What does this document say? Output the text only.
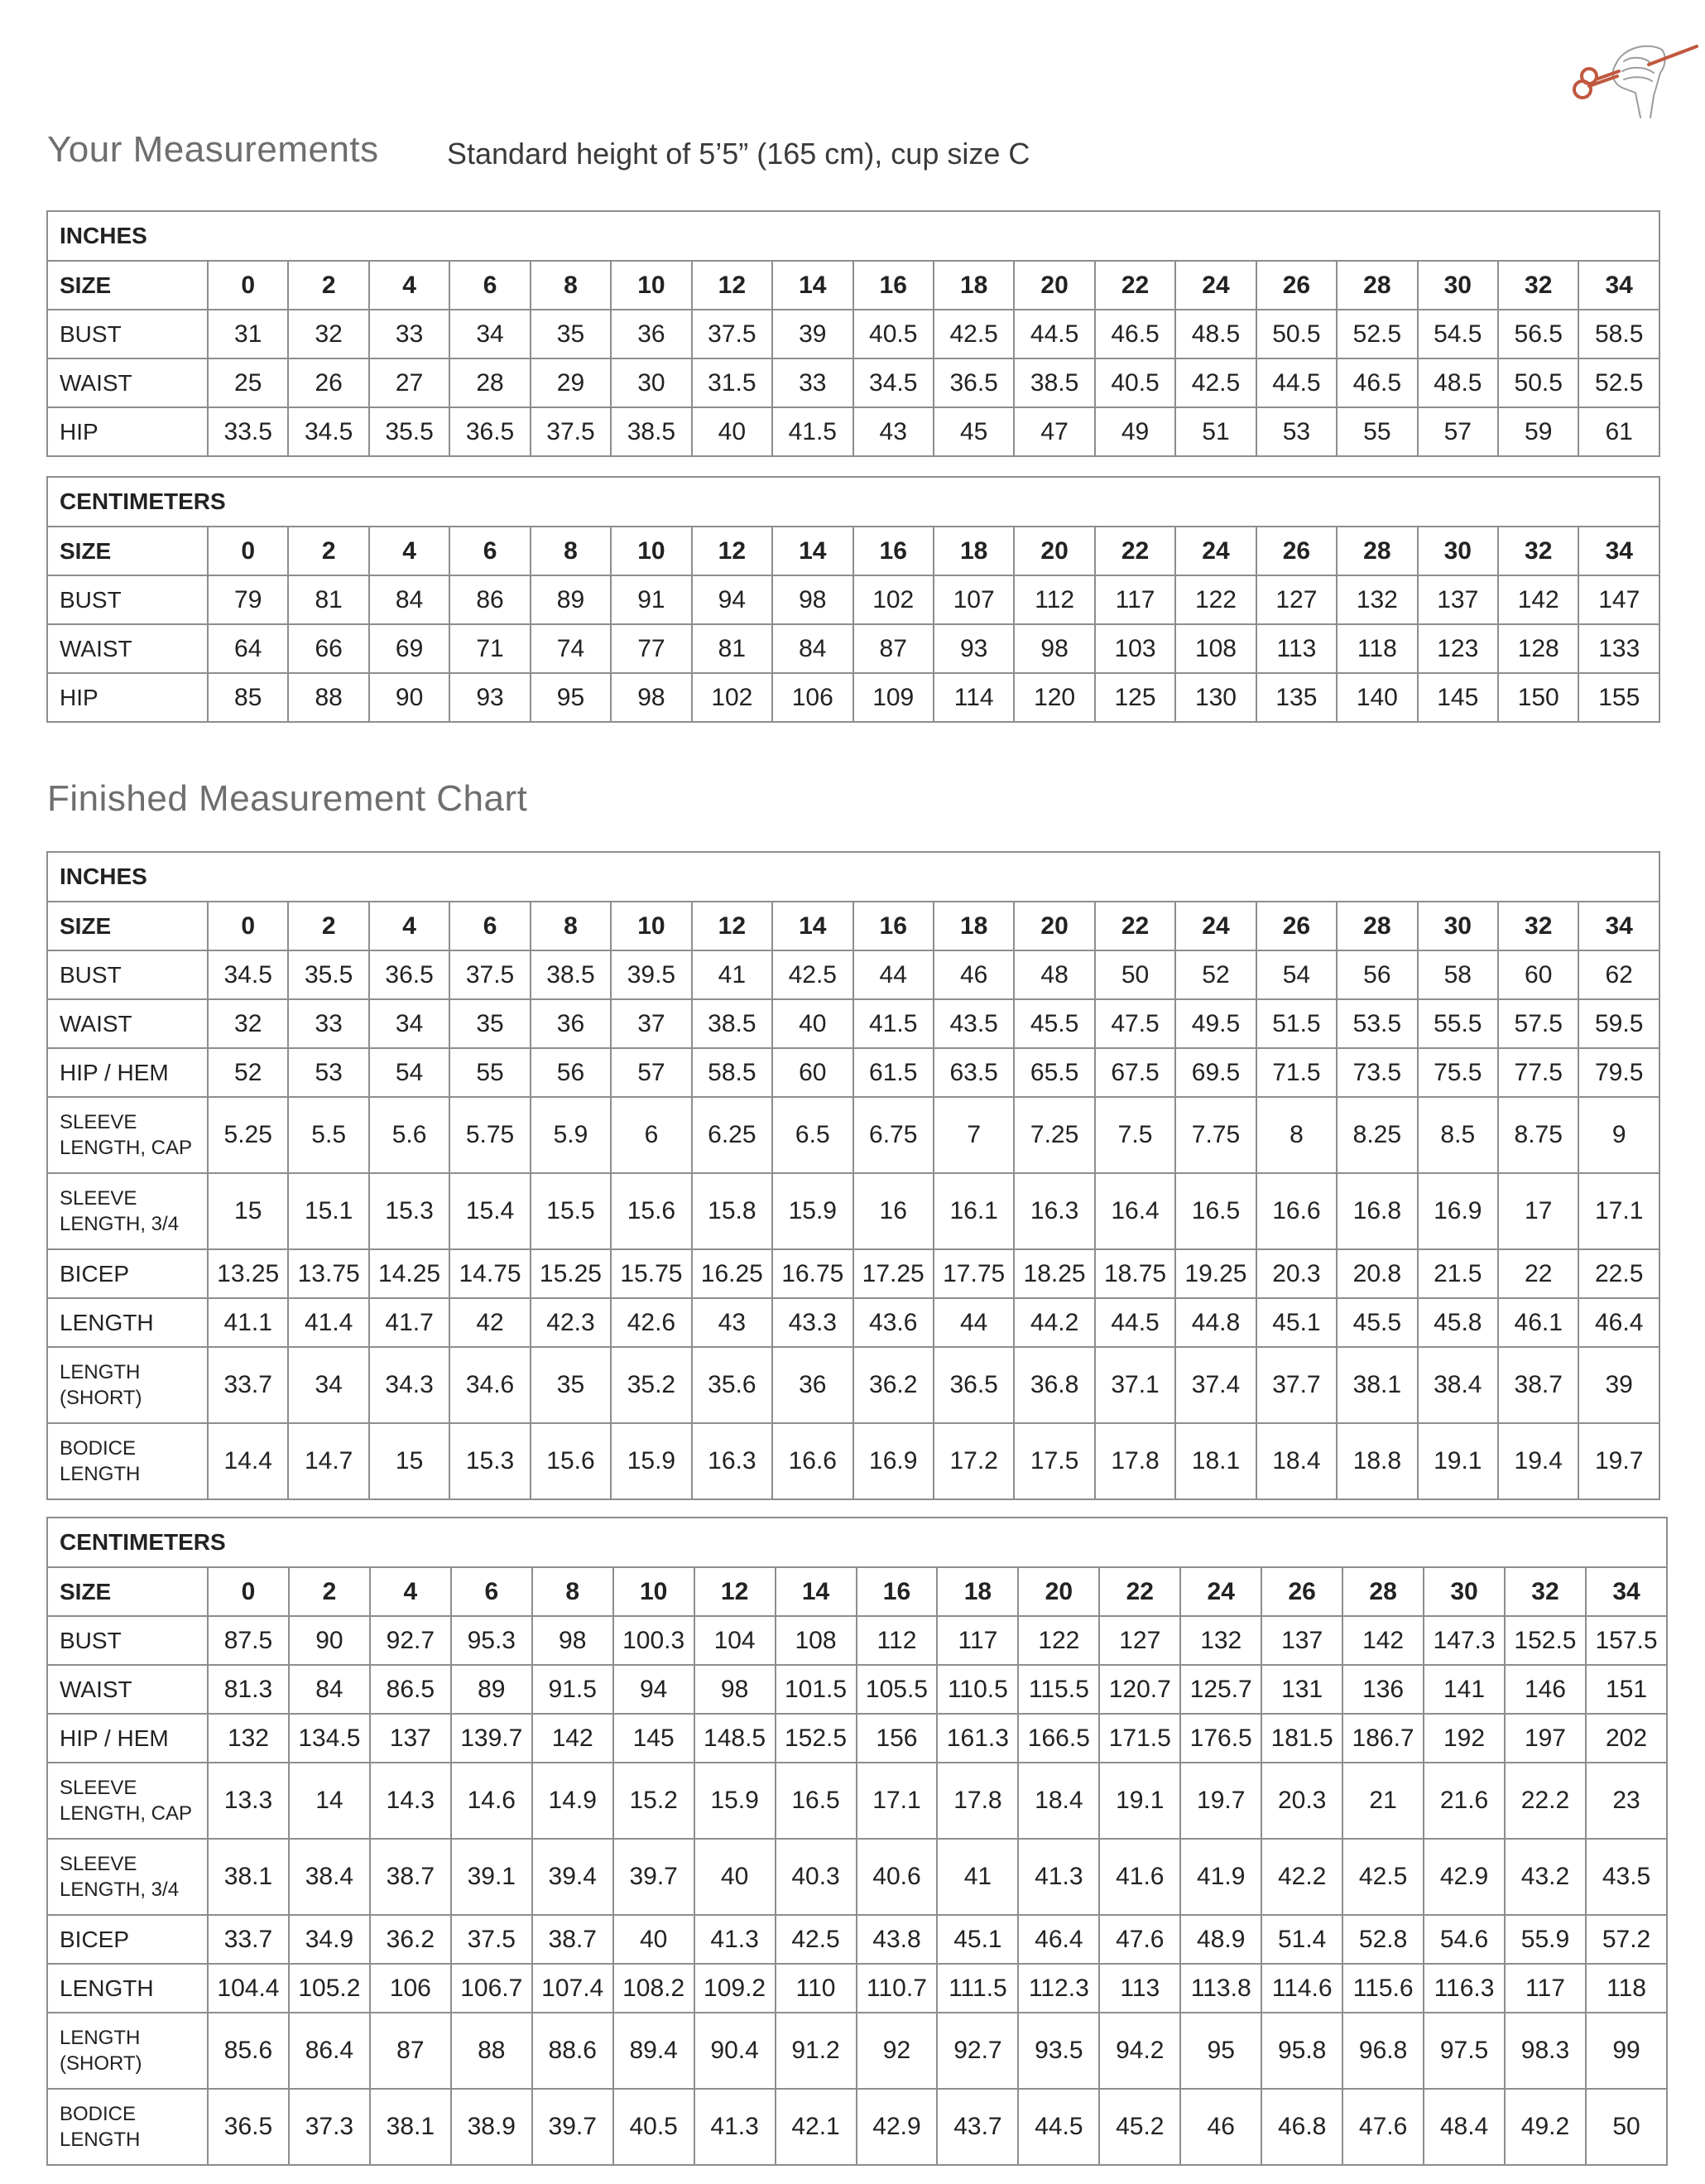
Your Measurements Standard height of 5’5” (165 cm), cup size C
Finished Measurement Chart
INCHES																		
SIZE	0	2	4	6	8	10	12	14	16	18	20	22	24	26	28	30	32	34
BUST	31	32	33	34	35	36	37.5	39	40.5	42.5	44.5	46.5	48.5	50.5	52.5	54.5	56.5	58.5
WAIST	25	26	27	28	29	30	31.5	33	34.5	36.5	38.5	40.5	42.5	44.5	46.5	48.5	50.5	52.5
HIP	33.5	34.5	35.5	36.5	37.5	38.5	40	41.5	43	45	47	49	51	53	55	57	59	61
CENTIMETERS																		
SIZE	0	2	4	6	8	10	12	14	16	18	20	22	24	26	28	30	32	34
BUST	79	81	84	86	89	91	94	98	102	107	112	117	122	127	132	137	142	147
WAIST	64	66	69	71	74	77	81	84	87	93	98	103	108	113	118	123	128	133
HIP	85	88	90	93	95	98	102	106	109	114	120	125	130	135	140	145	150	155
INCHES																		
SIZE	0	2	4	6	8	10	12	14	16	18	20	22	24	26	28	30	32	34
BUST	34.5	35.5	36.5	37.5	38.5	39.5	41	42.5	44	46	48	50	52	54	56	58	60	62
WAIST	32	33	34	35	36	37	38.5	40	41.5	43.5	45.5	47.5	49.5	51.5	53.5	55.5	57.5	59.5
HIP / HEM	52	53	54	55	56	57	58.5	60	61.5	63.5	65.5	67.5	69.5	71.5	73.5	75.5	77.5	79.5
SLEEVE
LENGTH, CAP	5.25	5.5	5.6	5.75	5.9	6	6.25	6.5	6.75	7	7.25	7.5	7.75	8	8.25	8.5	8.75	9
SLEEVE
LENGTH, 3/4	15	15.1	15.3	15.4	15.5	15.6	15.8	15.9	16	16.1	16.3	16.4	16.5	16.6	16.8	16.9	17	17.1
BICEP	13.25	13.75	14.25	14.75	15.25	15.75	16.25	16.75	17.25	17.75	18.25	18.75	19.25	20.3	20.8	21.5	22	22.5
LENGTH	41.1	41.4	41.7	42	42.3	42.6	43	43.3	43.6	44	44.2	44.5	44.8	45.1	45.5	45.8	46.1	46.4
LENGTH
(SHORT)	33.7	34	34.3	34.6	35	35.2	35.6	36	36.2	36.5	36.8	37.1	37.4	37.7	38.1	38.4	38.7	39
BODICE
LENGTH	14.4	14.7	15	15.3	15.6	15.9	16.3	16.6	16.9	17.2	17.5	17.8	18.1	18.4	18.8	19.1	19.4	19.7
CENTIMETERS																		
SIZE	0	2	4	6	8	10	12	14	16	18	20	22	24	26	28	30	32	34
BUST	87.5	90	92.7	95.3	98	100.3	104	108	112	117	122	127	132	137	142	147.3	152.5	157.5
WAIST	81.3	84	86.5	89	91.5	94	98	101.5	105.5	110.5	115.5	120.7	125.7	131	136	141	146	151
HIP / HEM	132	134.5	137	139.7	142	145	148.5	152.5	156	161.3	166.5	171.5	176.5	181.5	186.7	192	197	202
SLEEVE
LENGTH, CAP	13.3	14	14.3	14.6	14.9	15.2	15.9	16.5	17.1	17.8	18.4	19.1	19.7	20.3	21	21.6	22.2	23
SLEEVE
LENGTH, 3/4	38.1	38.4	38.7	39.1	39.4	39.7	40	40.3	40.6	41	41.3	41.6	41.9	42.2	42.5	42.9	43.2	43.5
BICEP	33.7	34.9	36.2	37.5	38.7	40	41.3	42.5	43.8	45.1	46.4	47.6	48.9	51.4	52.8	54.6	55.9	57.2
LENGTH	104.4	105.2	106	106.7	107.4	108.2	109.2	110	110.7	111.5	112.3	113	113.8	114.6	115.6	116.3	117	118
LENGTH
(SHORT)	85.6	86.4	87	88	88.6	89.4	90.4	91.2	92	92.7	93.5	94.2	95	95.8	96.8	97.5	98.3	99
BODICE
LENGTH	36.5	37.3	38.1	38.9	39.7	40.5	41.3	42.1	42.9	43.7	44.5	45.2	46	46.8	47.6	48.4	49.2	50
